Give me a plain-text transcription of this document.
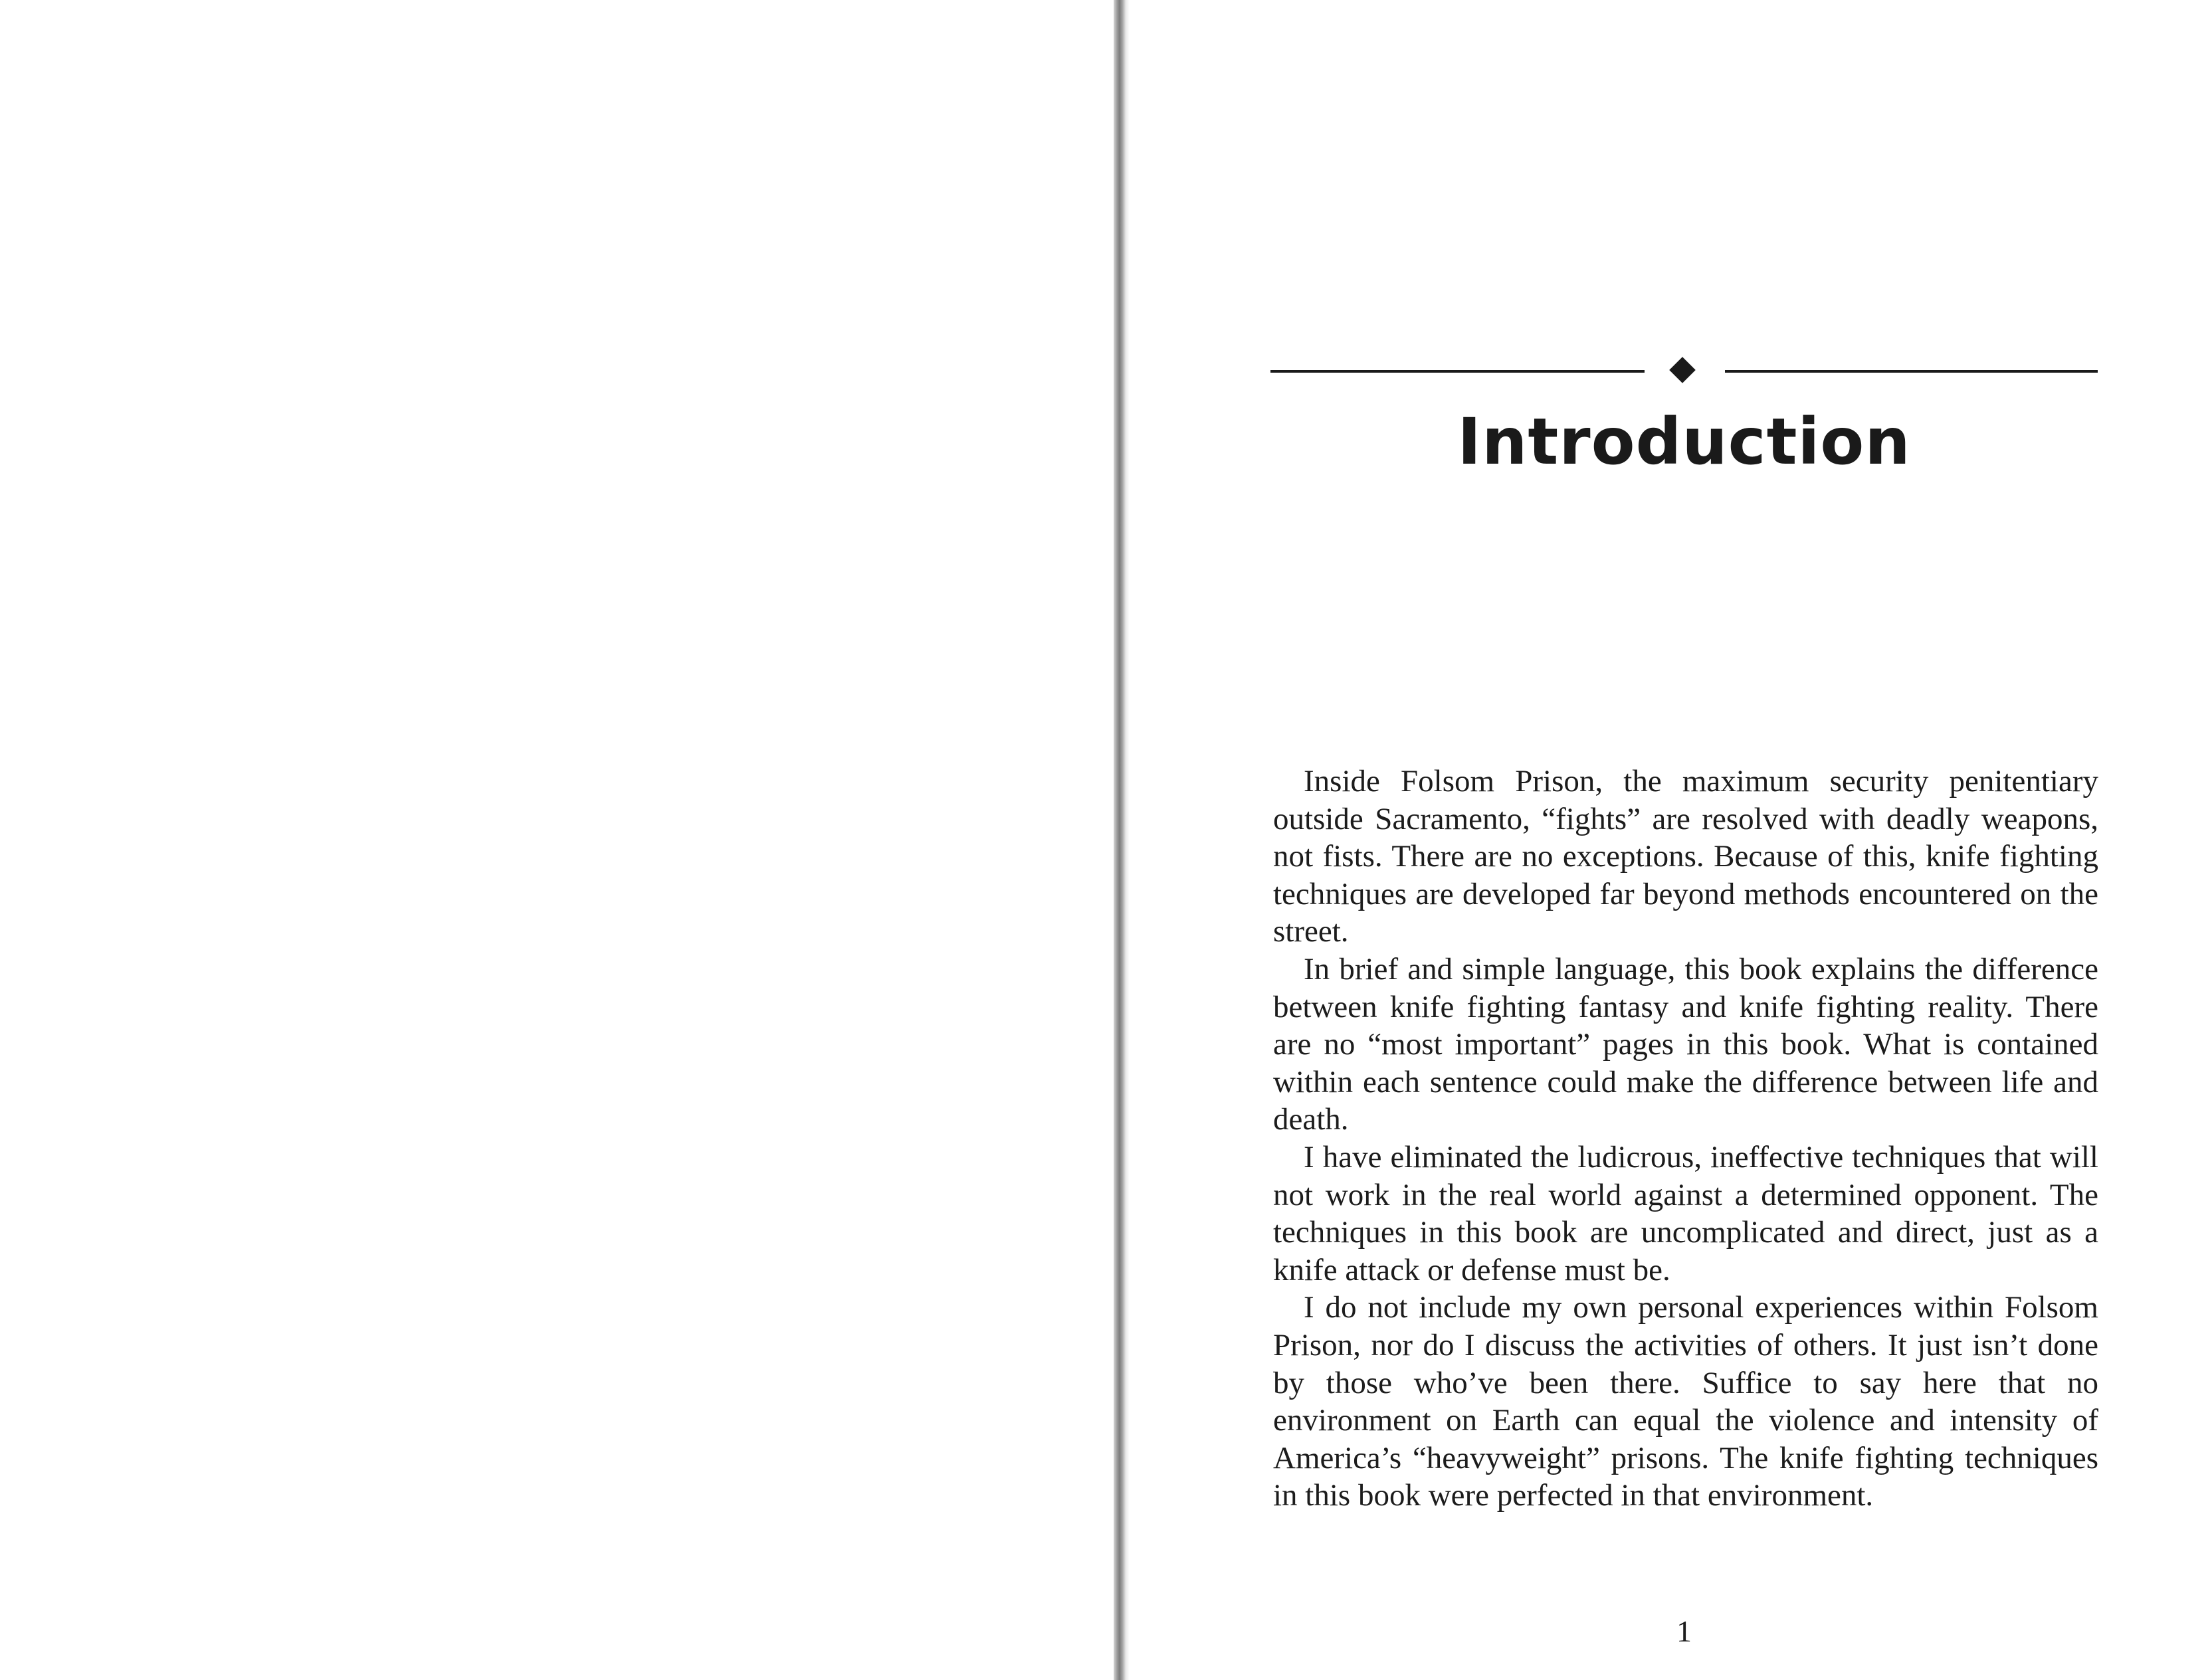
Introduction

Inside Folsom Prison, the maximum security penitentiary outside Sacramento, “fights” are resolved with deadly weapons, not fists. There are no exceptions. Because of this, knife fighting techniques are developed far beyond methods encountered on the street.

In brief and simple language, this book explains the difference between knife fighting fantasy and knife fighting reality. There are no “most important” pages in this book. What is contained within each sentence could make the difference between life and death.

I have eliminated the ludicrous, ineffective techniques that will not work in the real world against a determined opponent. The techniques in this book are uncomplicated and direct, just as a knife attack or defense must be.

I do not include my own personal experiences within Folsom Prison, nor do I discuss the activities of others. It just isn’t done by those who’ve been there. Suffice to say here that no environment on Earth can equal the violence and intensity of America’s “heavyweight” prisons. The knife fighting techniques in this book were perfected in that environment.

1
